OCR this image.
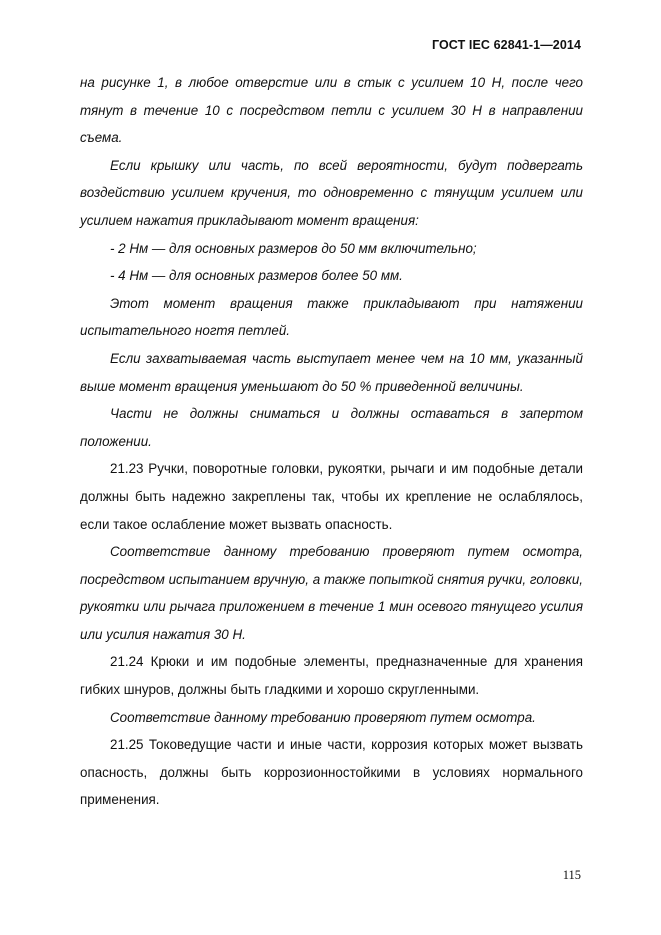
ГОСТ IEC 62841-1—2014

на рисунке 1, в любое отверстие или в стык с усилием 10 Н, после чего тянут в течение 10 с посредством петли с усилием 30 Н в направлении съема.

Если крышку или часть, по всей вероятности, будут подвергать воздействию усилием кручения, то одновременно с тянущим усилием или усилием нажатия прикладывают момент вращения:

- 2 Нм — для основных размеров до 50 мм включительно;

- 4 Нм — для основных размеров более 50 мм.

Этот момент вращения также прикладывают при натяжении испытательного ногтя петлей.

Если захватываемая часть выступает менее чем на 10 мм, указанный выше момент вращения уменьшают до 50 % приведенной величины.

Части не должны сниматься и должны оставаться в запертом положении.

21.23 Ручки, поворотные головки, рукоятки, рычаги и им подобные детали должны быть надежно закреплены так, чтобы их крепление не ослаблялось, если такое ослабление может вызвать опасность.

Соответствие данному требованию проверяют путем осмотра, посредством испытанием вручную, а также попыткой снятия ручки, головки, рукоятки или рычага приложением в течение 1 мин осевого тянущего усилия или усилия нажатия 30 Н.

21.24 Крюки и им подобные элементы, предназначенные для хранения гибких шнуров, должны быть гладкими и хорошо скругленными.

Соответствие данному требованию проверяют путем осмотра.

21.25 Токоведущие части и иные части, коррозия которых может вызвать опасность, должны быть коррозионностойкими в условиях нормального применения.

115
